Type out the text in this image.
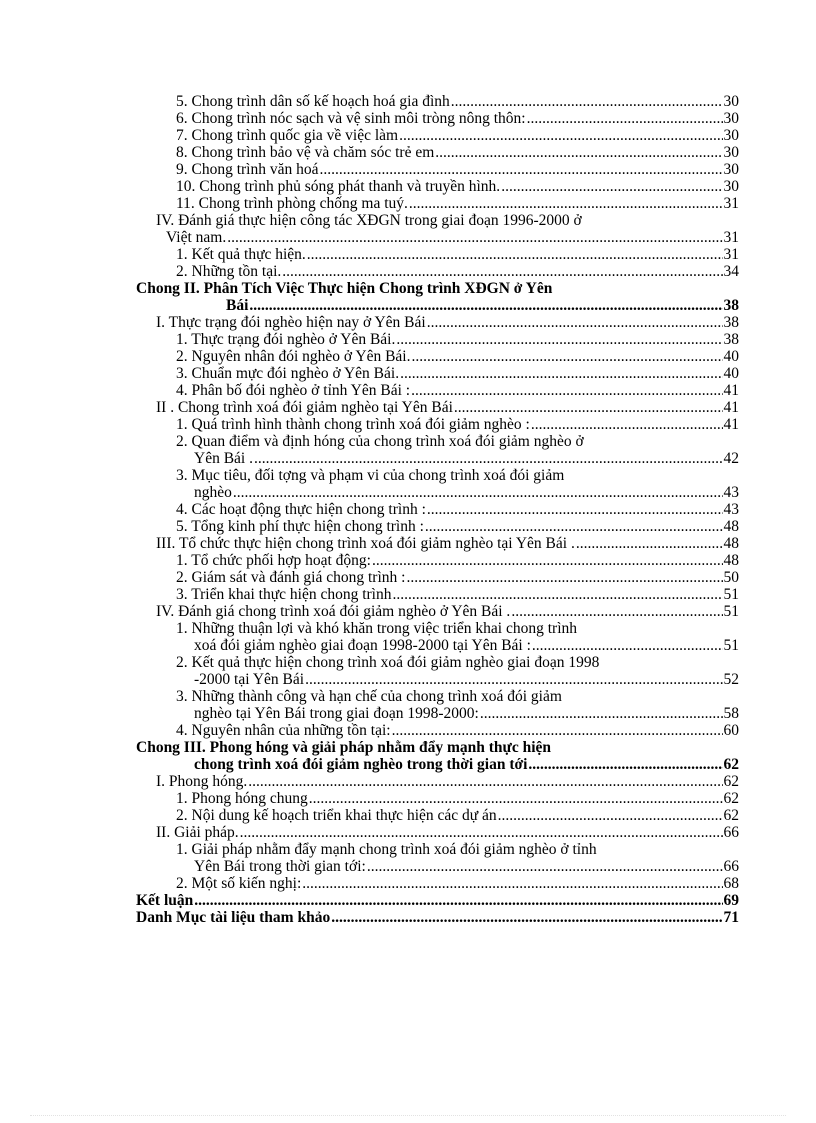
5. Chong trình dân số kế hoạch hoá gia đình .....	30
6. Chong trình nóc sạch và vệ sinh môi tròng nông thôn: .....	30
7. Chong trình quốc gia về việc làm .....	30
8. Chong trình bảo vệ và chăm sóc trẻ em .....	30
9. Chong trình văn hoá .....	30
10. Chong trình phủ sóng phát thanh và truyền hình. .....	30
11. Chong trình phòng chống ma tuý. .....	31
IV. Đánh giá thực hiện công tác XĐGN trong giai đoạn 1996-2000 ở
Việt nam. .....	31
1. Kết quả thực hiện. .....	31
2. Những tồn tại. .....	34
Chong II. Phân Tích Việc Thực hiện Chong trình XĐGN ở Yên
Bái .....	38
I. Thực trạng đói nghèo hiện nay ở Yên Bái .....	38
1. Thực trạng đói nghèo ở Yên Bái. .....	38
2. Nguyên nhân đói nghèo ở Yên Bái. .....	40
3. Chuẩn mực đói nghèo ở Yên Bái. .....	40
4. Phân bố đói nghèo ở tỉnh Yên Bái : .....	41
II . Chong trình xoá đói giảm nghèo tại Yên Bái .....	41
1. Quá trình hình thành chong trình xoá đói giảm nghèo : .....	41
2. Quan điểm và định hóng của chong trình xoá đói giảm nghèo ở
Yên Bái . .....	42
3. Mục tiêu, đối tợng và phạm vi của chong trình xoá đói giảm
nghèo .....	43
4. Các hoạt động thực hiện chong trình : .....	43
5. Tổng kinh phí thực hiện chong trình : .....	48
III. Tổ chức thực hiện chong trình xoá đói giảm nghèo tại Yên Bái . .....	48
1. Tổ chức phối hợp hoạt động: .....	48
2. Giám sát và đánh giá chong trình : .....	50
3. Triển khai thực hiện chong trình .....	51
IV. Đánh giá chong trình xoá đói giảm nghèo ở Yên Bái . .....	51
1. Những thuận lợi và khó khăn trong việc triển khai chong trình
xoá đói giảm nghèo giai đoạn 1998-2000 tại Yên Bái : .....	51
2. Kết quả thực hiện chong trình xoá đói giảm nghèo giai đoạn 1998
-2000 tại Yên Bái .....	52
3. Những thành công và hạn chế của chong trình xoá đói giảm
nghèo tại Yên Bái trong giai đoạn 1998-2000: .....	58
4. Nguyên nhân của những tồn tại: .....	60
Chong III. Phong hóng và giải pháp nhằm đẩy mạnh thực hiện
chong trình xoá đói giảm nghèo trong thời gian tới .....	62
I. Phong hóng. .....	62
1. Phong hóng chung .....	62
2. Nội dung kế hoạch triển khai thực hiện các dự án .....	62
II. Giải pháp. .....	66
1. Giải pháp nhằm đẩy mạnh chong trình xoá đói giảm nghèo ở tỉnh
Yên Bái trong thời gian tới: .....	66
2. Một số kiến nghị: .....	68
Kết luận .....	69
Danh Mục tài liệu tham khảo .....	71
